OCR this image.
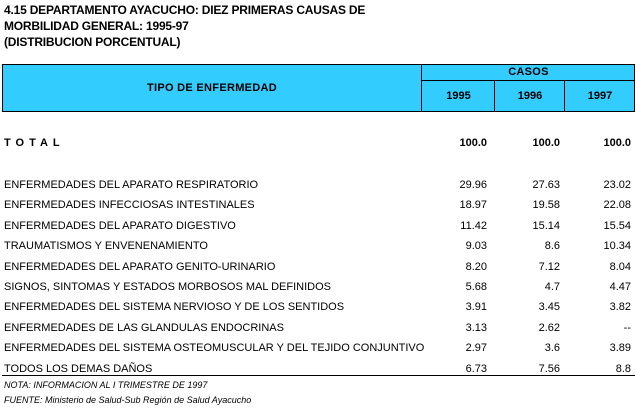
4.15 DEPARTAMENTO AYACUCHO: DIEZ PRIMERAS CAUSAS DE
MORBILIDAD GENERAL: 1995-97
(DISTRIBUCION PORCENTUAL)
TIPO DE ENFERMEDAD
CASOS
1995	1996	1997
TOTAL	100.0	100.0	100.0
ENFERMEDADES DEL APARATO RESPIRATORIO	29.96	27.63	23.02
ENFERMEDADES INFECCIOSAS INTESTINALES	18.97	19.58	22.08
ENFERMEDADES DEL APARATO DIGESTIVO	11.42	15.14	15.54
TRAUMATISMOS Y ENVENENAMIENTO	9.03	8.6	10.34
ENFERMEDADES DEL APARATO GENITO-URINARIO	8.20	7.12	8.04
SIGNOS, SINTOMAS Y ESTADOS MORBOSOS MAL DEFINIDOS	5.68	4.7	4.47
ENFERMEDADES DEL SISTEMA NERVIOSO Y DE LOS SENTIDOS	3.91	3.45	3.82
ENFERMEDADES DE LAS GLANDULAS ENDOCRINAS	3.13	2.62	--
ENFERMEDADES DEL SISTEMA OSTEOMUSCULAR Y DEL TEJIDO CONJUNTIVO	2.97	3.6	3.89
TODOS LOS DEMAS DAÑOS	6.73	7.56	8.8
NOTA: INFORMACION AL I TRIMESTRE DE 1997
FUENTE: Ministerio de Salud-Sub Región de Salud Ayacucho
